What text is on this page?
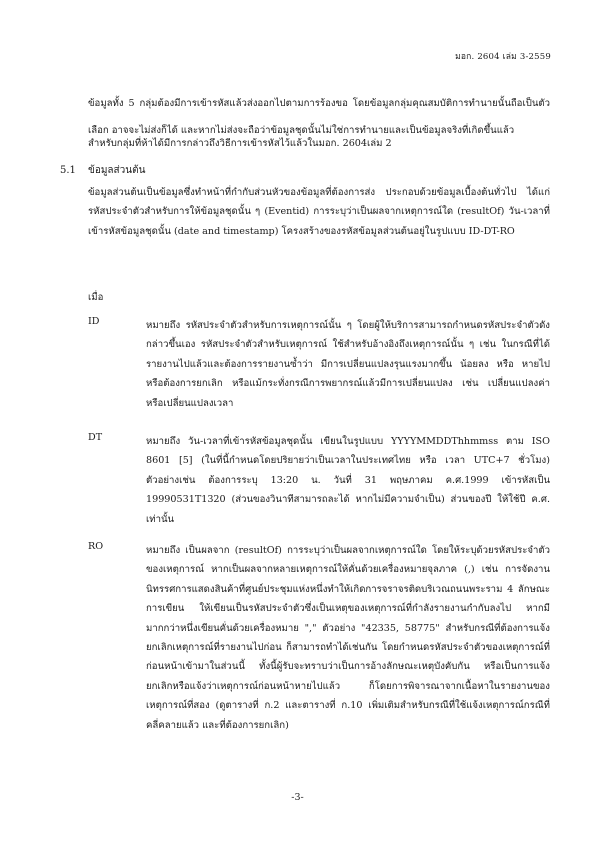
มอก. 2604 เล่ม 3-2559

ข้อมูลทั้ง 5 กลุ่มต้องมีการเข้ารหัสแล้วส่งออกไปตามการร้องขอ โดยข้อมูลกลุ่มคุณสมบัติการทำนายนั้นถือเป็นตัวเลือก อาจจะไม่ส่งก็ได้ และหากไม่ส่งจะถือว่าข้อมูลชุดนั้นไม่ใช่การทำนายและเป็นข้อมูลจริงที่เกิดขึ้นแล้ว

สำหรับกลุ่มที่ห้าได้มีการกล่าวถึงวิธีการเข้ารหัสไว้แล้วในมอก. 2604เล่ม 2

5.1 ข้อมูลส่วนต้น

ข้อมูลส่วนต้นเป็นข้อมูลซึ่งทำหน้าที่กำกับส่วนหัวของข้อมูลที่ต้องการส่ง ประกอบด้วยข้อมูลเบื้องต้นทั่วไป ได้แก่ รหัสประจำตัวสำหรับการให้ข้อมูลชุดนั้น ๆ (Eventid) การระบุว่าเป็นผลจากเหตุการณ์ใด (resultOf) วัน-เวลาที่เข้ารหัสข้อมูลชุดนั้น (date and timestamp) โครงสร้างของรหัสข้อมูลส่วนต้นอยู่ในรูปแบบ ID-DT-RO

เมื่อ
ID	หมายถึง รหัสประจำตัวสำหรับการเหตุการณ์นั้น ๆ โดยผู้ให้บริการสามารถกำหนดรหัสประจำตัวดังกล่าวขึ้นเอง รหัสประจำตัวสำหรับเหตุการณ์ ใช้สำหรับอ้างอิงถึงเหตุการณ์นั้น ๆ เช่น ในกรณีที่ได้รายงานไปแล้วและต้องการรายงานซ้ำว่า มีการเปลี่ยนแปลงรุนแรงมากขึ้น น้อยลง หรือ หายไป หรือต้องการยกเลิก หรือแม้กระทั่งกรณีการพยากรณ์แล้วมีการเปลี่ยนแปลง เช่น เปลี่ยนแปลงค่า หรือเปลี่ยนแปลงเวลา

DT	หมายถึง วัน-เวลาที่เข้ารหัสข้อมูลชุดนั้น เขียนในรูปแบบ YYYYMMDDThhmmss ตาม ISO 8601 [5] (ในที่นี้กำหนดโดยปริยายว่าเป็นเวลาในประเทศไทย หรือ เวลา UTC+7 ชั่วโมง) ตัวอย่างเช่น ต้องการระบุ 13:20 น. วันที่ 31 พฤษภาคม ค.ศ.1999 เข้ารหัสเป็น 19990531T1320 (ส่วนของวินาทีสามารถละได้ หากไม่มีความจำเป็น) ส่วนของปี ให้ใช้ปี ค.ศ. เท่านั้น

RO	หมายถึง เป็นผลจาก (resultOf) การระบุว่าเป็นผลจากเหตุการณ์ใด โดยให้ระบุด้วยรหัสประจำตัวของเหตุการณ์ หากเป็นผลจากหลายเหตุการณ์ให้คั่นด้วยเครื่องหมายจุลภาค (,) เช่น การจัดงานนิทรรศการแสดงสินค้าที่ศูนย์ประชุมแห่งหนึ่งทำให้เกิดการจราจรติดบริเวณถนนพระราม 4 ลักษณะการเขียน ให้เขียนเป็นรหัสประจำตัวซึ่งเป็นเหตุของเหตุการณ์ที่กำลังรายงานกำกับลงไป หากมีมากกว่าหนึ่งเขียนคั่นด้วยเครื่องหมาย "," ตัวอย่าง "42335, 58775" สำหรับกรณีที่ต้องการแจ้งยกเลิกเหตุการณ์ที่รายงานไปก่อน ก็สามารถทำได้เช่นกัน โดยกำหนดรหัสประจำตัวของเหตุการณ์ที่ก่อนหน้าเข้ามาในส่วนนี้ ทั้งนี้ผู้รับจะทราบว่าเป็นการอ้างลักษณะเหตุบังคับกัน หรือเป็นการแจ้งยกเลิกหรือแจ้งว่าเหตุการณ์ก่อนหน้าหายไปแล้ว ก็โดยการพิจารณาจากเนื้อหาในรายงานของเหตุการณ์ที่สอง (ดูตารางที่ ก.2 และตารางที่ ก.10 เพิ่มเติมสำหรับกรณีที่ใช้แจ้งเหตุการณ์กรณีที่คลี่คลายแล้ว และที่ต้องการยกเลิก)

-3-
